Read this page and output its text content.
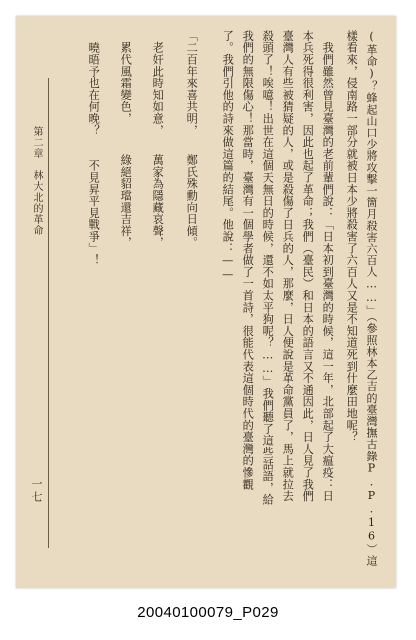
(革命)？蜂起山口少將攻擊一箇月殺害六百人……」（參照林本乙吉的臺灣撫古錄P.P.16）這
樣看來，侵南路一部分就被日本少將殺害了六百人又是不知道死到什麼田地呢？
　我們雖然曾見臺灣的老前輩們說：「日本初到臺灣的時候，這一年，北部起了大瘟疫：日
本兵死得很利害，因此也起了革命；我們（臺民）和日本的語言又不通因此，日人見了我們
臺灣人有些被猜疑的人，或是殺傷了日兵的人，那麼，日人便說是革命黨員了，馬上就拉去
殺頭了！唉噫！出世在這個天無日的時候，還不如太平狗呢？……」我們聽了這些話語，給
我們的無限傷心！那當時，臺灣有一個學者做了一首詩，很能代表這個時代的臺灣的慘觀
了。我們引他的詩來做這篇的結尾。他說：——
「二百年來喜共明，　　鄭氏殊勳向日傾。
　老奸此時知如意，　　萬家為隱藏哀聲，
　累代風霜變色，　　　綠絕貂璫還吉祥，
　曉晤予也在何晚？　　不見昇平見戰爭」！
第二章　林大北的革命
一七
20040100079_P029
